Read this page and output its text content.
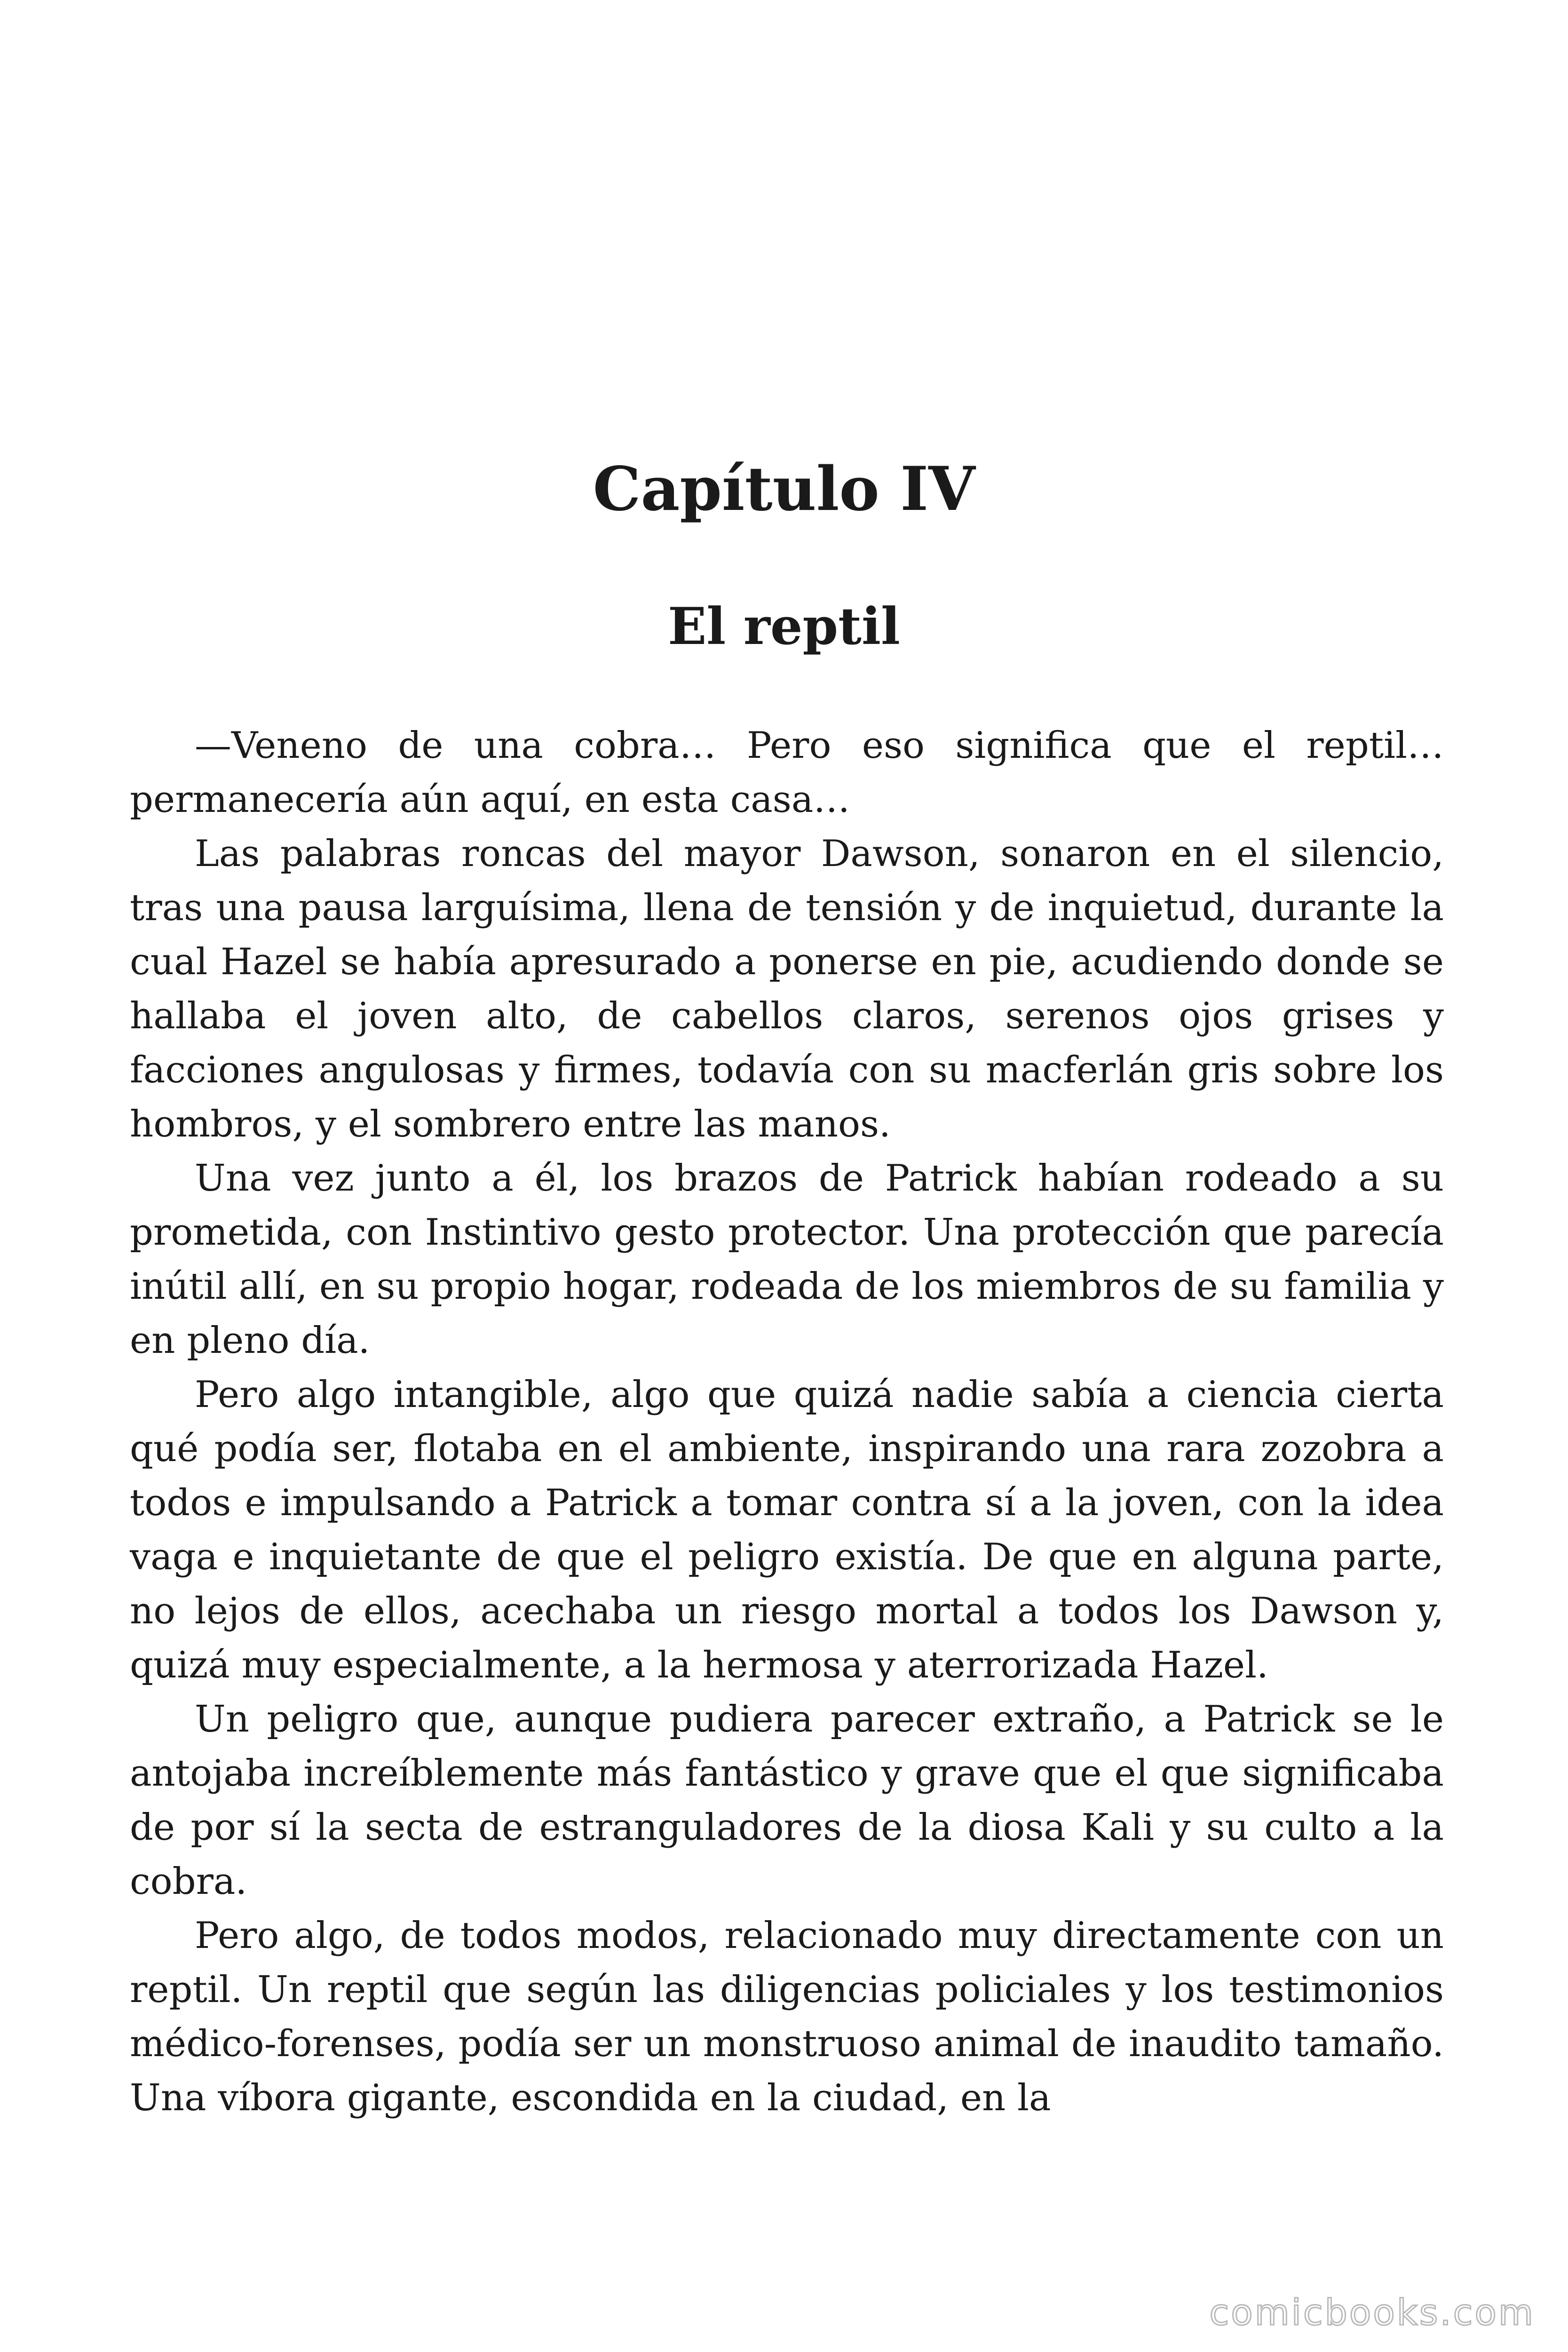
Capítulo IV
El reptil

—Veneno de una cobra… Pero eso significa que el reptil… permanecería aún aquí, en esta casa…

Las palabras roncas del mayor Dawson, sonaron en el silencio, tras una pausa larguísima, llena de tensión y de inquietud, durante la cual Hazel se había apresurado a ponerse en pie, acudiendo donde se hallaba el joven alto, de cabellos claros, serenos ojos grises y facciones angulosas y firmes, todavía con su macferlán gris sobre los hombros, y el sombrero entre las manos.

Una vez junto a él, los brazos de Patrick habían rodeado a su prometida, con Instintivo gesto protector. Una protección que parecía inútil allí, en su propio hogar, rodeada de los miembros de su familia y en pleno día.

Pero algo intangible, algo que quizá nadie sabía a ciencia cierta qué podía ser, flotaba en el ambiente, inspirando una rara zozobra a todos e impulsando a Patrick a tomar contra sí a la joven, con la idea vaga e inquietante de que el peligro existía. De que en alguna parte, no lejos de ellos, acechaba un riesgo mortal a todos los Dawson y, quizá muy especialmente, a la hermosa y aterrorizada Hazel.

Un peligro que, aunque pudiera parecer extraño, a Patrick se le antojaba increíblemente más fantástico y grave que el que significaba de por sí la secta de estranguladores de la diosa Kali y su culto a la cobra.

Pero algo, de todos modos, relacionado muy directamente con un reptil. Un reptil que según las diligencias policiales y los testimonios médico-forenses, podía ser un monstruoso animal de inaudito tamaño. Una víbora gigante, escondida en la ciudad, en la

comicbooks.com
